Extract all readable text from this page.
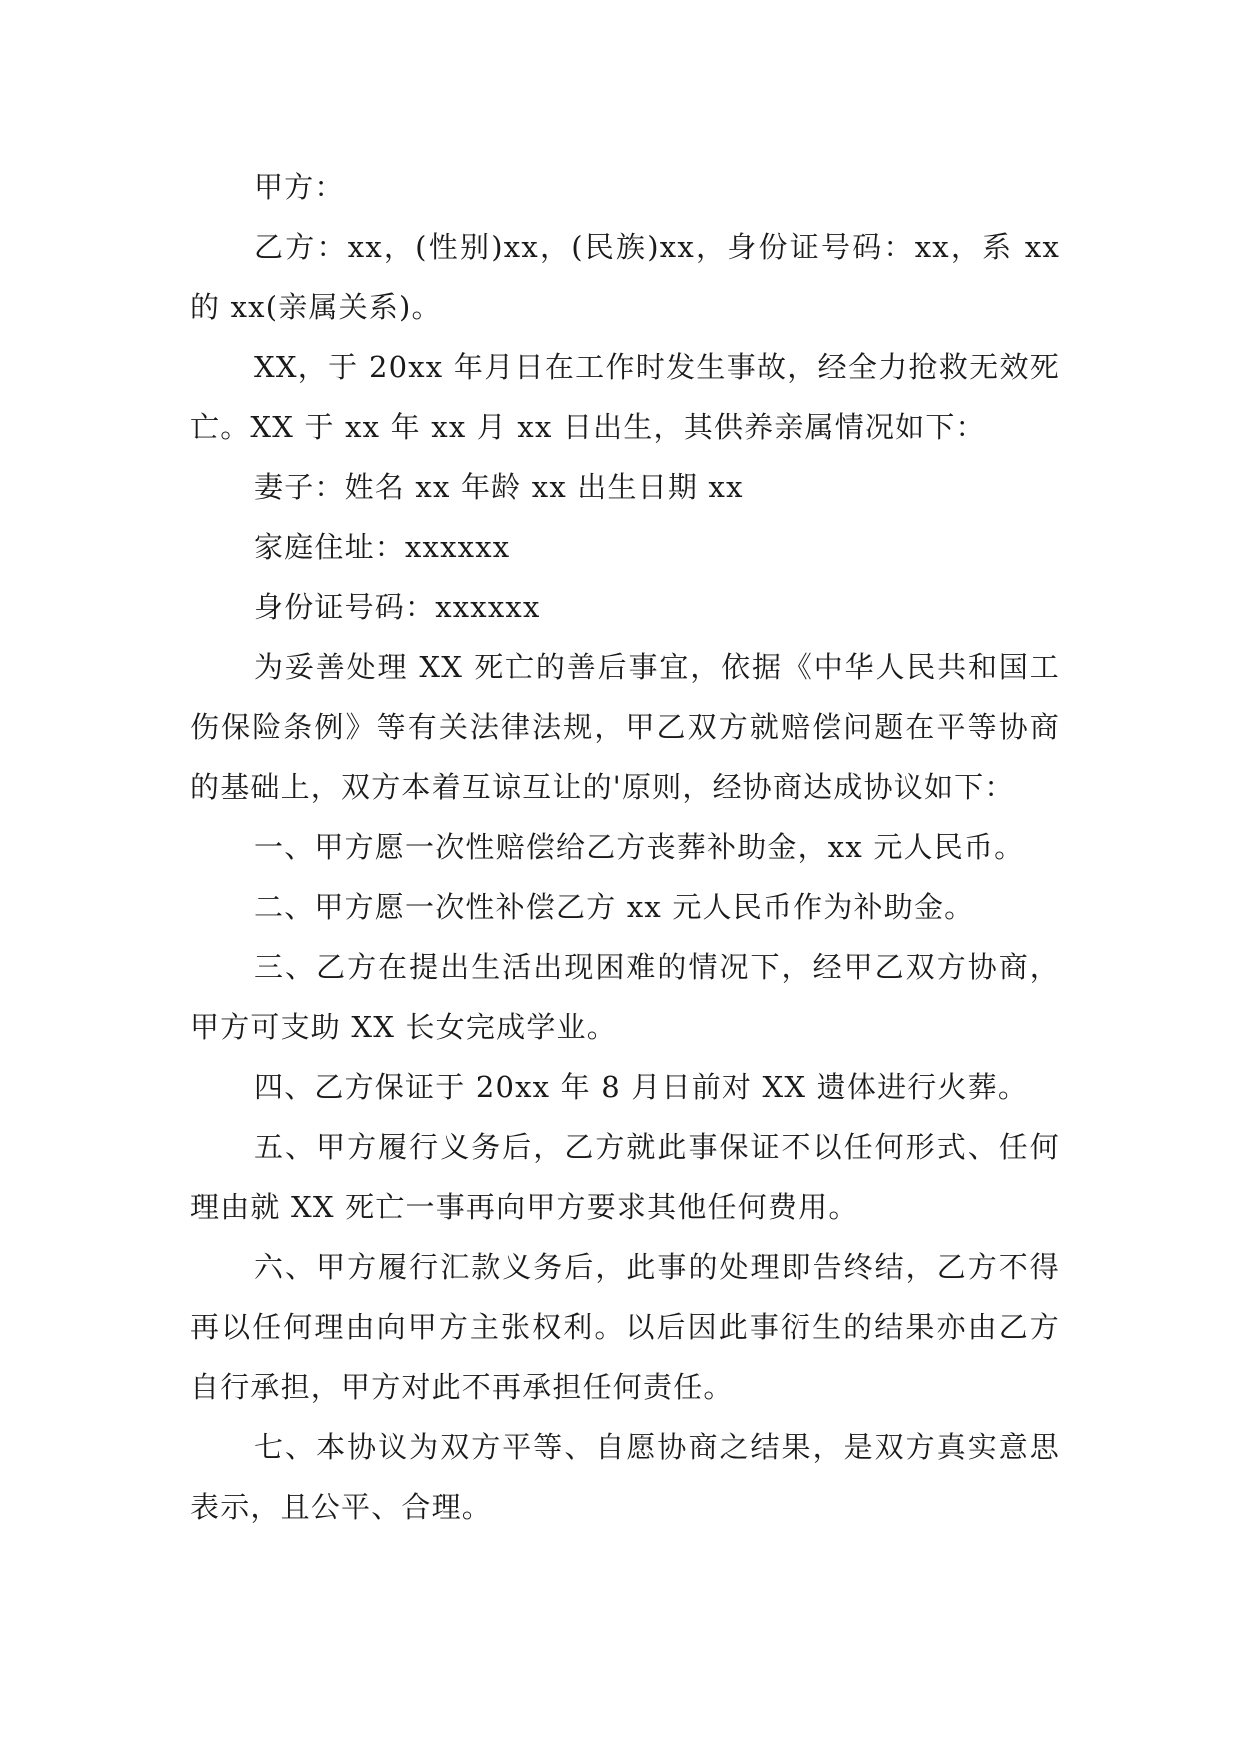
甲方：

乙方：xx，(性别)xx，(民族)xx，身份证号码：xx，系 xx 的 xx(亲属关系)。

XX，于 20xx 年月日在工作时发生事故，经全力抢救无效死亡。XX 于 xx 年 xx 月 xx 日出生，其供养亲属情况如下：

妻子：姓名 xx 年龄 xx 出生日期 xx

家庭住址：xxxxxx

身份证号码：xxxxxx

为妥善处理 XX 死亡的善后事宜，依据《中华人民共和国工伤保险条例》等有关法律法规，甲乙双方就赔偿问题在平等协商的基础上，双方本着互谅互让的'原则，经协商达成协议如下：

一、甲方愿一次性赔偿给乙方丧葬补助金，xx 元人民币。

二、甲方愿一次性补偿乙方 xx 元人民币作为补助金。

三、乙方在提出生活出现困难的情况下，经甲乙双方协商，甲方可支助 XX 长女完成学业。

四、乙方保证于 20xx 年 8 月日前对 XX 遗体进行火葬。

五、甲方履行义务后，乙方就此事保证不以任何形式、任何理由就 XX 死亡一事再向甲方要求其他任何费用。

六、甲方履行汇款义务后，此事的处理即告终结，乙方不得再以任何理由向甲方主张权利。以后因此事衍生的结果亦由乙方自行承担，甲方对此不再承担任何责任。

七、本协议为双方平等、自愿协商之结果，是双方真实意思表示，且公平、合理。
